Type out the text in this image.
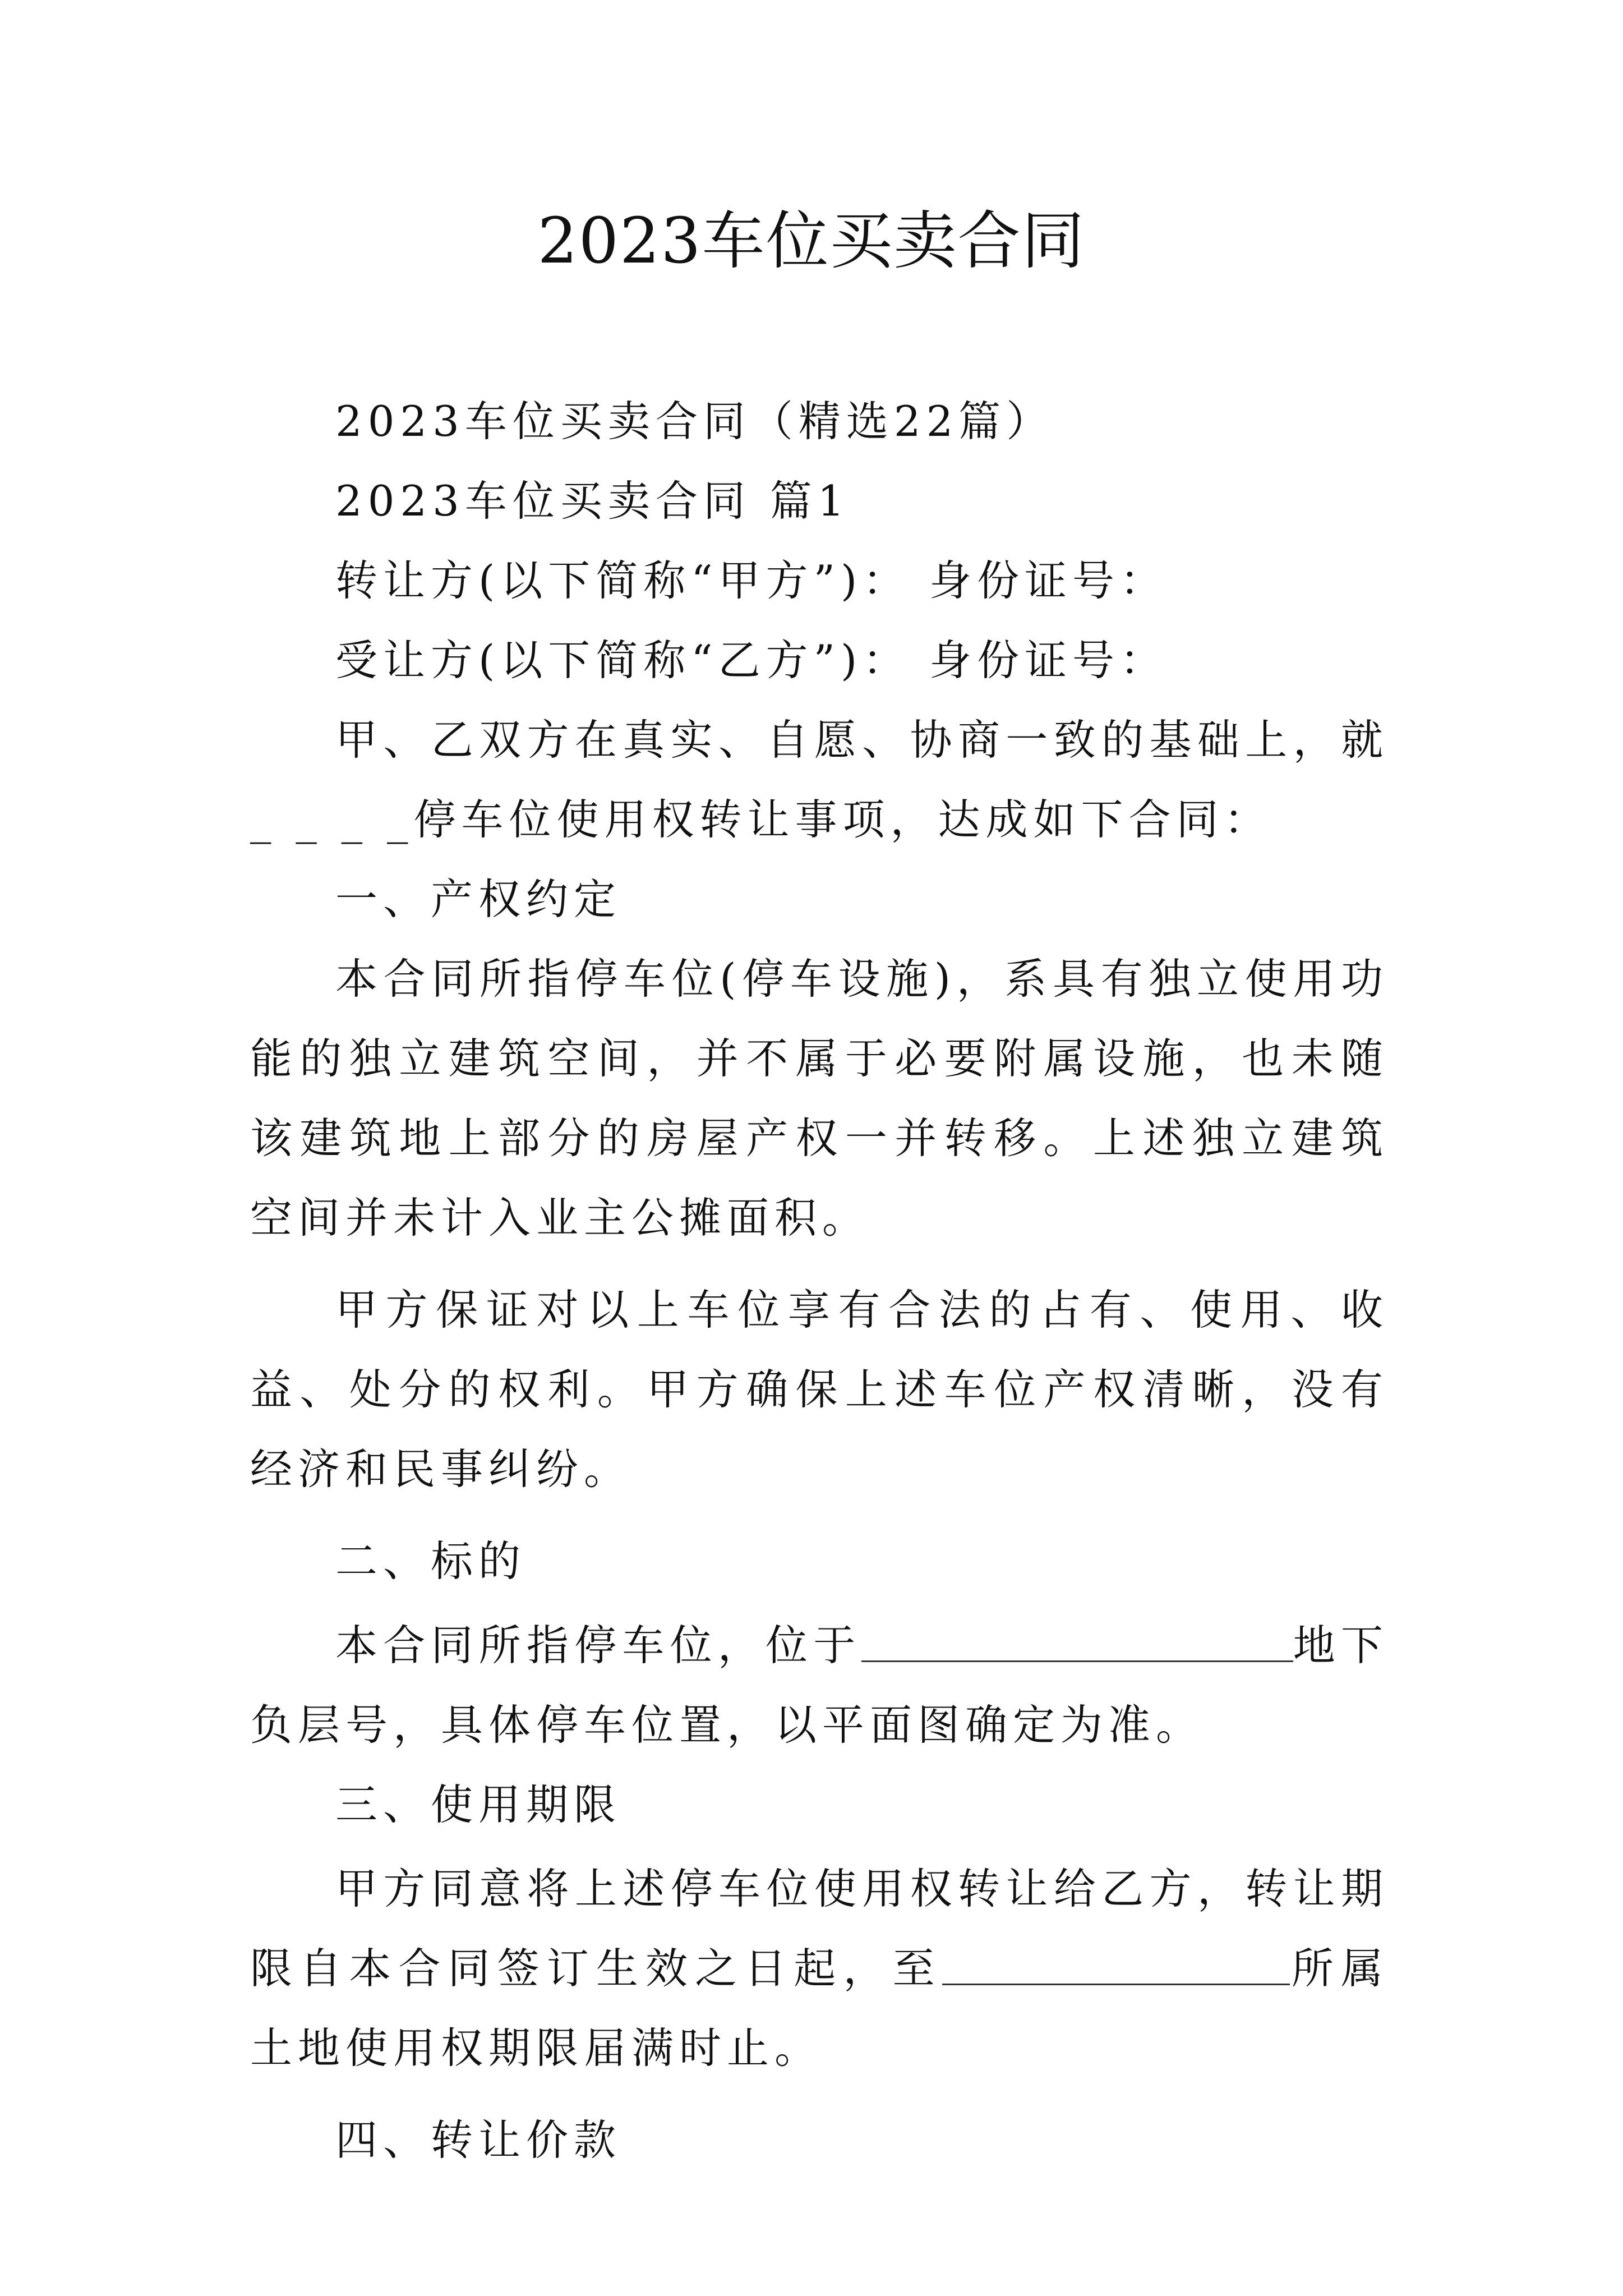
2023车位买卖合同

2023车位买卖合同（精选22篇）

2023车位买卖合同 篇1

转让方(以下简称“甲方”)： 身份证号：

受让方(以下简称“乙方”)： 身份证号：

甲、乙双方在真实、自愿、协商一致的基础上，就_ _ _ _停车位使用权转让事项，达成如下合同：

一、产权约定

本合同所指停车位(停车设施)，系具有独立使用功能的独立建筑空间，并不属于必要附属设施，也未随该建筑地上部分的房屋产权一并转移。上述独立建筑空间并未计入业主公摊面积。

甲方保证对以上车位享有合法的占有、使用、收益、处分的权利。甲方确保上述车位产权清晰，没有经济和民事纠纷。

二、标的

本合同所指停车位，位于	地下负层号，具体停车位置，以平面图确定为准。

三、使用期限

甲方同意将上述停车位使用权转让给乙方，转让期限自本合同签订生效之日起，至	所属土地使用权期限届满时止。

四、转让价款
